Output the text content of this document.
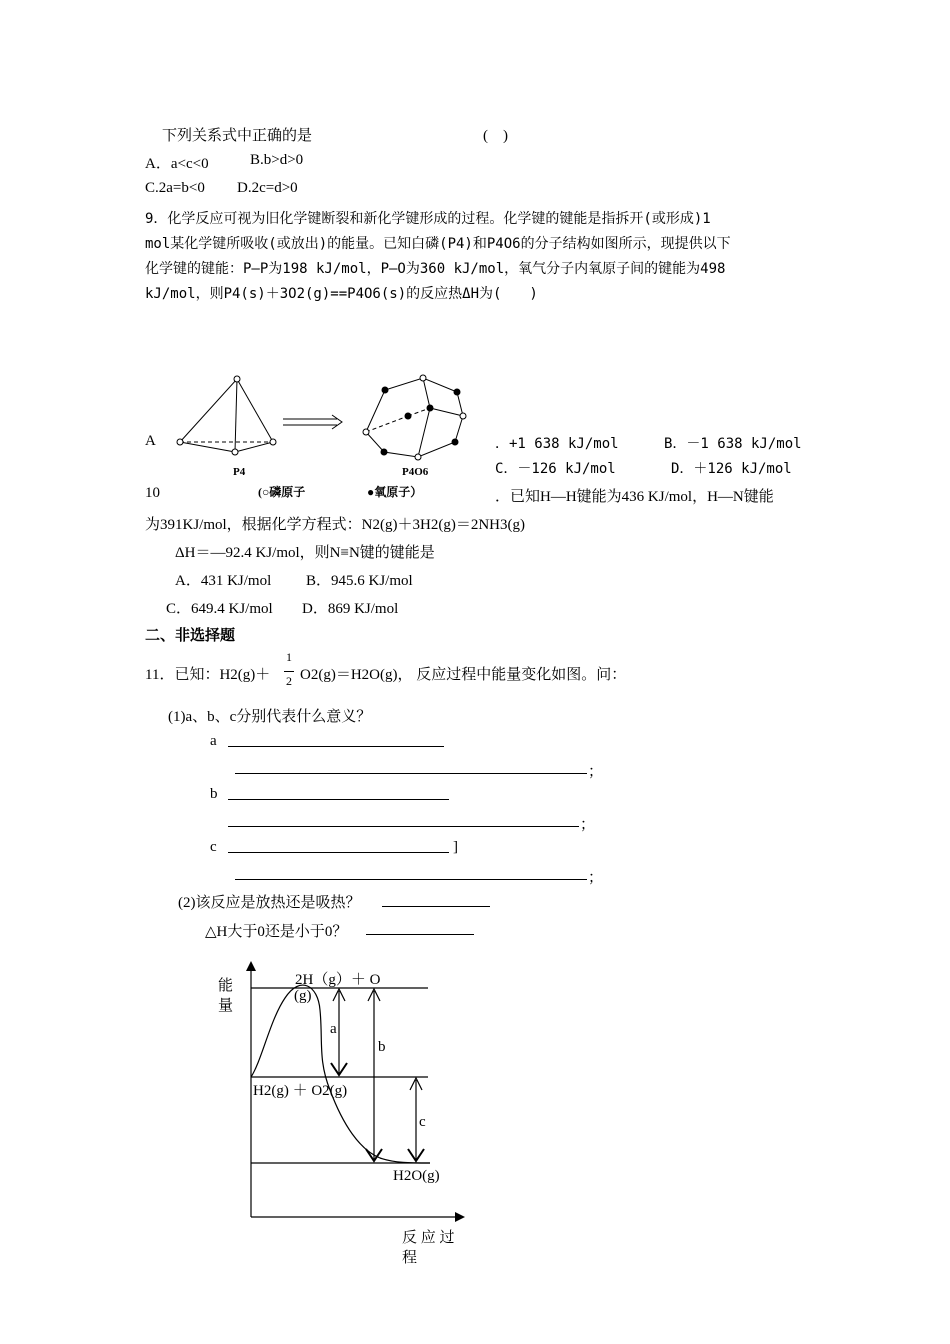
下列关系式中正确的是	(　)
A．a<c<0	B.b>d>0
C.2a=b<0 D.2c=d>0
9．化学反应可视为旧化学键断裂和新化学键形成的过程。化学键的键能是指拆开(或形成)1
mol某化学键所吸收(或放出)的能量。已知白磷(P4)和P4O6的分子结构如图所示，现提供以下
化学键的键能：P—P为198 kJ/mol，P—O为360 kJ/mol，氧气分子内氧原子间的键能为498
kJ/mol，则P4(s)＋3O2(g)==P4O6(s)的反应热ΔH为(　　)
P4	P4O6
(○磷原子	●氧原子）
A	．+1 638 kJ/mol	B．－1 638 kJ/mol
C．－126 kJ/mol	D．＋126 kJ/mol
10	．已知H—H键能为436 KJ/mol，H—N键能
为391KJ/mol，根据化学方程式：N2(g)＋3H2(g)＝2NH3(g)
ΔH＝—92.4 KJ/mol，则N≡N键的键能是
A．431 KJ/mol B．945.6 KJ/mol
C．649.4 KJ/mol D．869 KJ/mol
二、非选择题
11．已知：H2(g)＋
1
2 O2(g)＝H2O(g)， 反应过程中能量变化如图。问：
(1)a、b、c分别代表什么意义？
a
；
b
；
c	]
；
(2)该反应是放热还是吸热？
△H大于0还是小于0？
能
量
2H（g）＋ O
(g)
H2(g) ＋ O2(g)
H2O(g)
a
b
c
反 应 过
程
